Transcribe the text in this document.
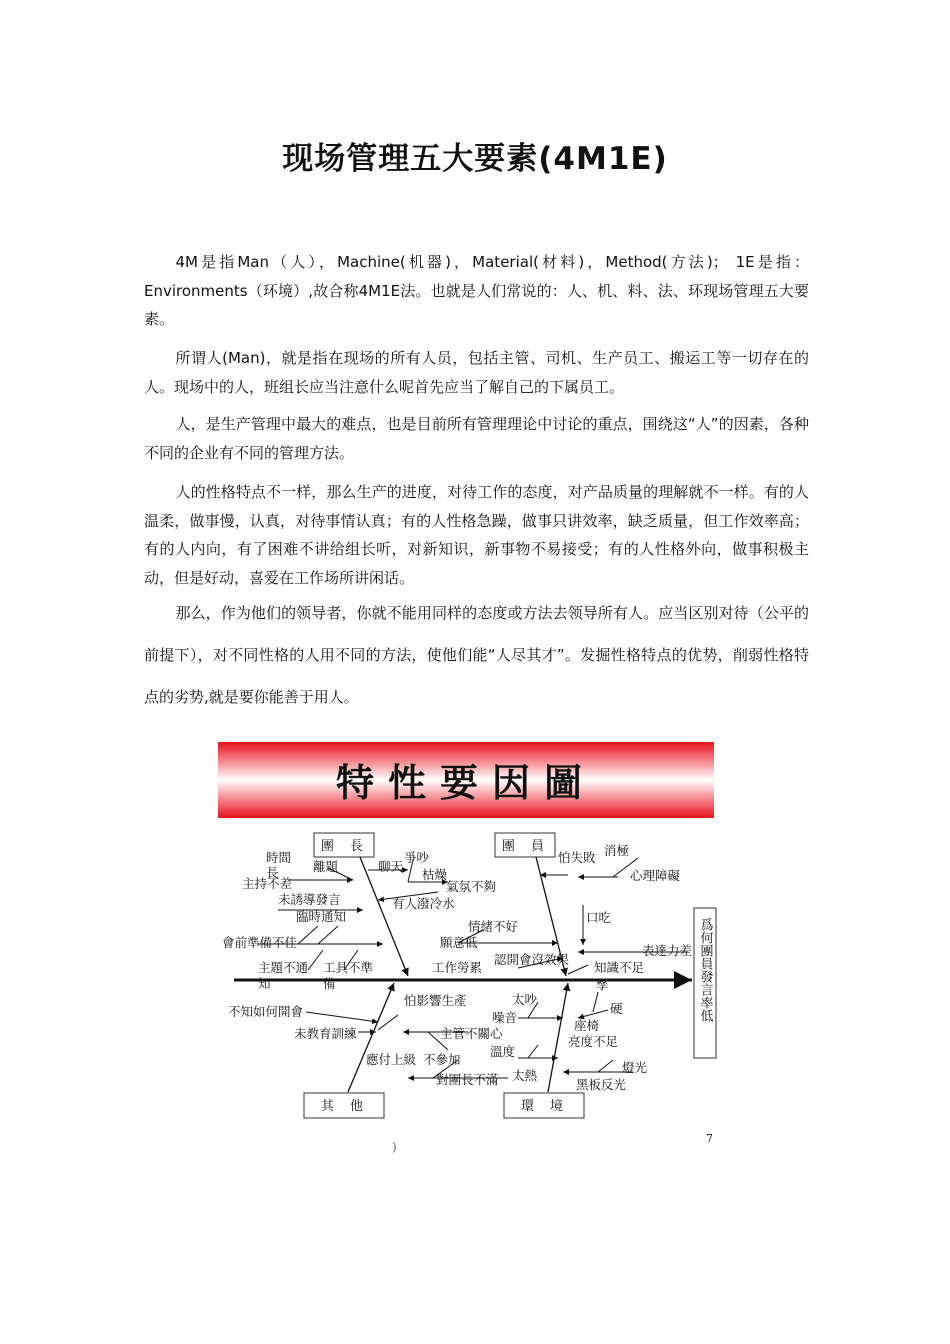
现场管理五大要素(4M1E)

4M是指Man（人），Machine(机器)，Material(材料)，Method(方法)； 1E是指：Environments（环境）,故合称4M1E法。也就是人们常说的：人、机、料、法、环现场管理五大要素。

所谓人(Man)，就是指在现场的所有人员，包括主管、司机、生产员工、搬运工等一切存在的人。现场中的人，班组长应当注意什么呢首先应当了解自己的下属员工。

人，是生产管理中最大的难点，也是目前所有管理理论中讨论的重点，围绕这“人”的因素，各种不同的企业有不同的管理方法。

人的性格特点不一样，那么生产的进度，对待工作的态度，对产品质量的理解就不一样。有的人温柔，做事慢，认真，对待事情认真；有的人性格急躁，做事只讲效率，缺乏质量，但工作效率高；有的人内向，有了困难不讲给组长听，对新知识，新事物不易接受；有的人性格外向，做事积极主动，但是好动，喜爱在工作场所讲闲话。

那么，作为他们的领导者，你就不能用同样的态度或方法去领导所有人。应当区别对待（公平的前提下），对不同性格的人用不同的方法，使他们能“人尽其才”。发掘性格特点的优势，削弱性格特点的劣势,就是要你能善于用人。

特性要因圖
團 長	團 員
其 他	環 境
爲何團員發言率低
時間
長	離題	聊天
爭吵
枯燥
主持不差	氣氛不夠
未誘導發言	有人潑冷水
臨時通知
會前準備不佳
主題不通
知
工具不準
備
怕失敗 消極
心理障礙
口吃
情緒不好
願意低
表達力差
認開會沒效果
工作勞累	知識不足
孳
不知如何開會
怕影響生產
未教育訓練	主管不關心
應付上級 不參加
對團長不滿
太吵
噪音
硬
座椅
亮度不足
溫度
燈光
太熱
黑板反光
)
7
